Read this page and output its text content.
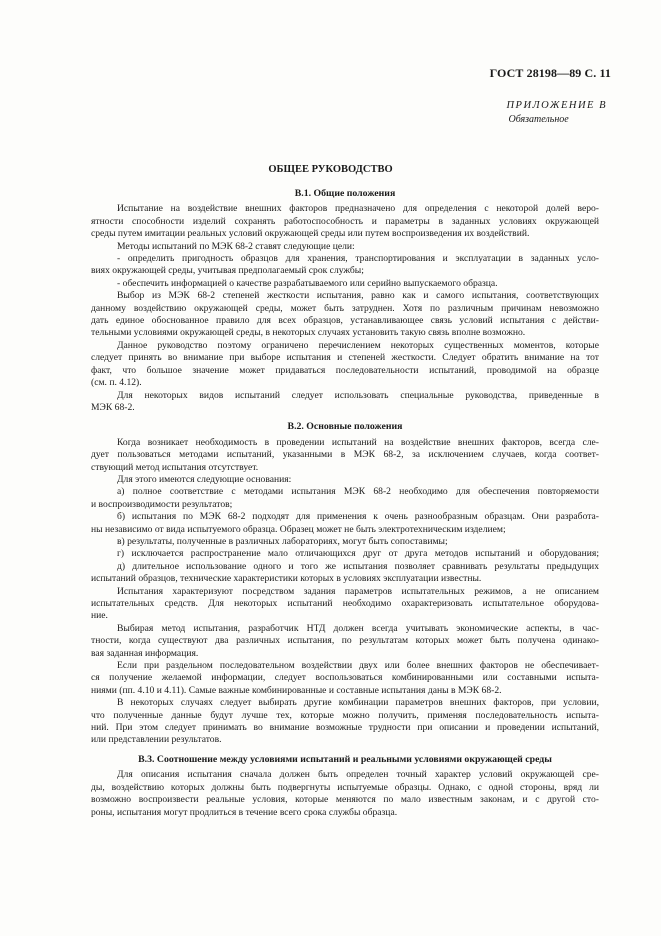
ГОСТ 28198—89 С. 11
ПРИЛОЖЕНИЕ В
Обязательное
ОБЩЕЕ РУКОВОДСТВО
В.1. Общие положения
Испытание на воздействие внешних факторов предназначено для определения с некоторой долей веро-
ятности способности изделий сохранять работоспособность и параметры в заданных условиях окружающей
среды путем имитации реальных условий окружающей среды или путем воспроизведения их воздействий.
Методы испытаний по МЭК 68-2 ставят следующие цели:
- определить пригодность образцов для хранения, транспортирования и эксплуатации в заданных усло-
виях окружающей среды, учитывая предполагаемый срок службы;
- обеспечить информацией о качестве разрабатываемого или серийно выпускаемого образца.
Выбор из МЭК 68-2 степеней жесткости испытания, равно как и самого испытания, соответствующих
данному воздействию окружающей среды, может быть затруднен. Хотя по различным причинам невозможно
дать единое обоснованное правило для всех образцов, устанавливающее связь условий испытания с действи-
тельными условиями окружающей среды, в некоторых случаях установить такую связь вполне возможно.
Данное руководство поэтому ограничено перечислением некоторых существенных моментов, которые
следует принять во внимание при выборе испытания и степеней жесткости. Следует обратить внимание на тот
факт, что большое значение может придаваться последовательности испытаний, проводимой на образце
(см. п. 4.12).
Для некоторых видов испытаний следует использовать специальные руководства, приведенные в
МЭК 68-2.
В.2. Основные положения
Когда возникает необходимость в проведении испытаний на воздействие внешних факторов, всегда сле-
дует пользоваться методами испытаний, указанными в МЭК 68-2, за исключением случаев, когда соответ-
ствующий метод испытания отсутствует.
Для этого имеются следующие основания:
а) полное соответствие с методами испытания МЭК 68-2 необходимо для обеспечения повторяемости
и воспроизводимости результатов;
б) испытания по МЭК 68-2 подходят для применения к очень разнообразным образцам. Они разработа-
ны независимо от вида испытуемого образца. Образец может не быть электротехническим изделием;
в) результаты, полученные в различных лабораториях, могут быть сопоставимы;
г) исключается распространение мало отличающихся друг от друга методов испытаний и оборудования;
д) длительное использование одного и того же испытания позволяет сравнивать результаты предыдущих
испытаний образцов, технические характеристики которых в условиях эксплуатации известны.
Испытания характеризуют посредством задания параметров испытательных режимов, а не описанием
испытательных средств. Для некоторых испытаний необходимо охарактеризовать испытательное оборудова-
ние.
Выбирая метод испытания, разработчик НТД должен всегда учитывать экономические аспекты, в час-
тности, когда существуют два различных испытания, по результатам которых может быть получена одинако-
вая заданная информация.
Если при раздельном последовательном воздействии двух или более внешних факторов не обеспечивает-
ся получение желаемой информации, следует воспользоваться комбинированными или составными испыта-
ниями (пп. 4.10 и 4.11). Самые важные комбинированные и составные испытания даны в МЭК 68-2.
В некоторых случаях следует выбирать другие комбинации параметров внешних факторов, при условии,
что полученные данные будут лучше тех, которые можно получить, применяя последовательность испыта-
ний. При этом следует принимать во внимание возможные трудности при описании и проведении испытаний,
или представлении результатов.
В.3. Соотношение между условиями испытаний и реальными условиями окружающей среды
Для описания испытания сначала должен быть определен точный характер условий окружающей сре-
ды, воздействию которых должны быть подвергнуты испытуемые образцы. Однако, с одной стороны, вряд ли
возможно воспроизвести реальные условия, которые меняются по мало известным законам, и с другой сто-
роны, испытания могут продлиться в течение всего срока службы образца.
